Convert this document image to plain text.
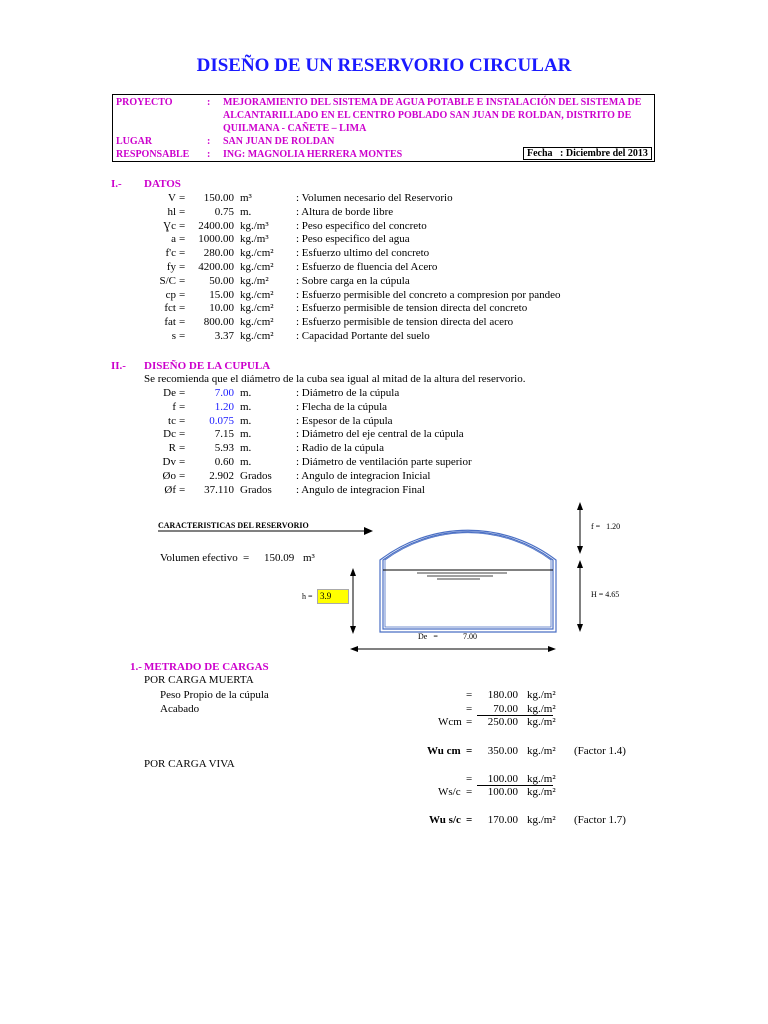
DISEÑO DE UN RESERVORIO CIRCULAR
PROYECTO	: MEJORAMIENTO DEL SISTEMA DE AGUA POTABLE E INSTALACIÓN DEL SISTEMA DE
ALCANTARILLADO EN EL CENTRO POBLADO SAN JUAN DE ROLDAN, DISTRITO DE
QUILMANA - CAÑETE – LIMA
LUGAR	: SAN JUAN DE ROLDAN
RESPONSABLE : ING: MAGNOLIA HERRERA MONTES	Fecha   : Diciembre del 2013
I.- DATOS
V =	150.00 m³	: Volumen necesario del Reservorio
hl =	0.75 m.	: Altura de borde libre
Ɣc =	2400.00 kg./m³ : Peso especifico del concreto
a =	1000.00 kg./m³ : Peso especifico del agua
f'c =	280.00 kg./cm² : Esfuerzo ultimo del concreto
fy =	4200.00 kg./cm² : Esfuerzo de fluencia del Acero
S/C =	50.00 kg./m² : Sobre carga en la cúpula
cp =	15.00 kg./cm² : Esfuerzo permisible del concreto a compresion por pandeo
fct =	10.00 kg./cm² : Esfuerzo permisible de tension directa del concreto
fat =	800.00 kg./cm² : Esfuerzo permisible de tension directa del acero
s =	3.37 kg./cm² : Capacidad Portante del suelo
II.- DISEÑO DE LA CUPULA
Se recomienda que el diámetro de la cuba sea igual al mitad de la altura del reservorio.
De =	7.00 m.	: Diámetro de la cúpula
f =	1.20 m.	: Flecha de la cúpula
tc =	0.075 m.	: Espesor de la cúpula
Dc =	7.15 m.	: Diámetro del eje central de la cúpula
R =	5.93 m.	: Radio de la cúpula
Dv =	0.60 m.	: Diámetro de ventilación parte superior
Øo =	2.902 Grados : Angulo de integracion Inicial
Øf =	37.110 Grados : Angulo de integracion Final
CARACTERISTICAS DEL RESERVORIO
Volumen efectivo = 150.09 m³
h = 3.9
f =   1.20
H = 4.65
De   =	7.00
1.- METRADO DE CARGAS
POR CARGA MUERTA
Peso Propio de la cúpula	=	180.00 kg./m²
Acabado	=	70.00 kg./m²
Wcm =	250.00 kg./m²
Wu cm =	350.00 kg./m² (Factor 1.4)
POR CARGA VIVA
=	100.00 kg./m²
Ws/c =	100.00 kg./m²
Wu s/c =	170.00 kg./m² (Factor 1.7)
